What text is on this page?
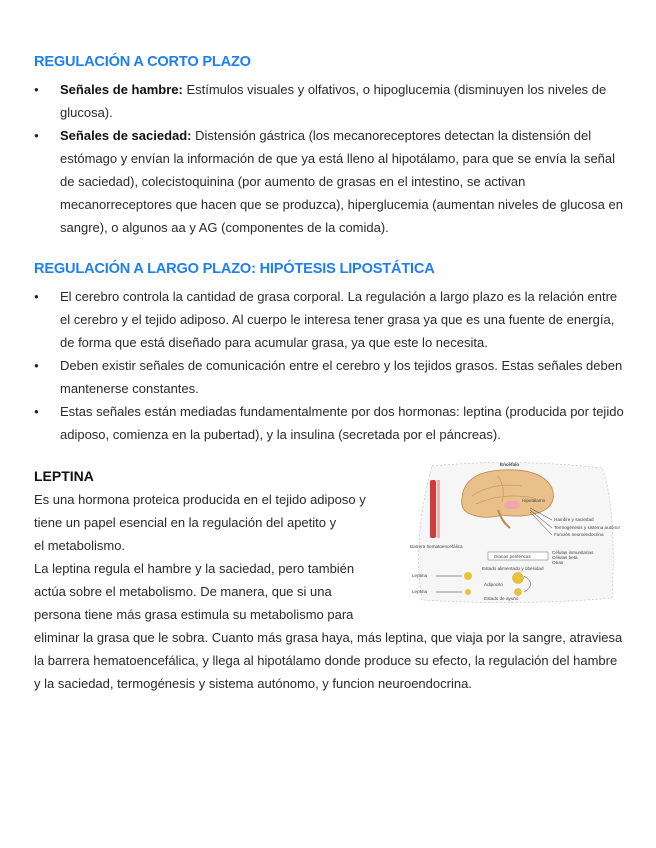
REGULACIÓN A CORTO PLAZO
● Señales de hambre: Estímulos visuales y olfativos, o hipoglucemia (disminuyen los niveles de glucosa).
● Señales de saciedad: Distensión gástrica (los mecanoreceptores detectan la distensión del estómago y envían la información de que ya está lleno al hipotálamo, para que se envía la señal de saciedad), colecistoquinina (por aumento de grasas en el intestino, se activan mecanorreceptores que hacen que se produzca), hiperglucemia (aumentan niveles de glucosa en sangre), o algunos aa y AG (componentes de la comida).
REGULACIÓN A LARGO PLAZO: HIPÓTESIS LIPOSTÁTICA
● El cerebro controla la cantidad de grasa corporal. La regulación a largo plazo es la relación entre el cerebro y el tejido adiposo. Al cuerpo le interesa tener grasa ya que es una fuente de energía, de forma que está diseñado para acumular grasa, ya que este lo necesita.
● Deben existir señales de comunicación entre el cerebro y los tejidos grasos. Estas señales deben mantenerse constantes.
● Estas señales están mediadas fundamentalmente por dos hormonas: leptina (producida por tejido adiposo, comienza en la pubertad), y la insulina (secretada por el páncreas).
LEPTINA

Es una hormona proteica producida en el tejido adiposo y

tiene un papel esencial en la regulación del apetito y

el metabolismo.

La leptina regula el hambre y la saciedad, pero también

actúa sobre el metabolismo. De manera, que si una

persona tiene más grasa estimula su metabolismo para

eliminar la grasa que le sobra. Cuanto más grasa haya, más leptina, que viaja por la sangre, atraviesa la barrera hematoencefálica, y llega al hipotálamo donde produce su efecto, la regulación del hambre y la saciedad, termogénesis y sistema autónomo, y funcion neuroendocrina.

Encéfalo
Hipotálamo
Barrera hematoencefálica
Hambre y saciedad
Termogénesis y sistema autónomo
Función neuroendocrina
Dianas periféricas
Células inmunitarias
Células beta
Otras
Leptina
Leptina
Estado alimentado y obesidad
Adipocito
Estado de ayuno
